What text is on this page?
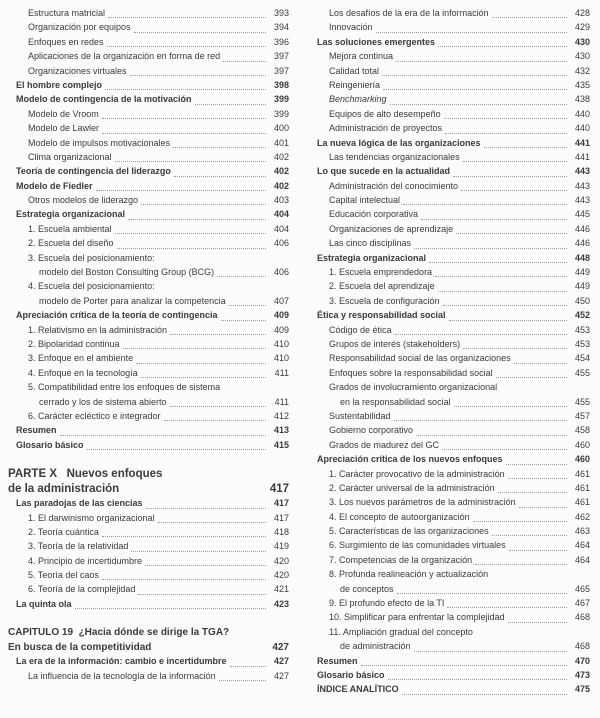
Estructura matricial	393
Organización por equipos	394
Enfoques en redes	396
Aplicaciones de la organización en forma de red	397
Organizaciones virtuales	397
El hombre complejo	398
Modelo de contingencia de la motivación	399
Modelo de Vroom	399
Modelo de Lawler	400
Modelo de impulsos motivacionales	401
Clima organizacional	402
Teoría de contingencia del liderazgo	402
Modelo de Fiedler	402
Otros modelos de liderazgo	403
Estrategia organizacional	404
1. Escuela ambiental	404
2. Escuela del diseño	406
3. Escuela del posicionamiento:
modelo del Boston Consulting Group (BCG)	406
4. Escuela del posicionamiento:
modelo de Porter para analizar la competencia	407
Apreciación crítica de la teoría de contingencia	409
1. Relativismo en la administración	409
2. Bipolaridad continua	410
3. Enfoque en el ambiente	410
4. Enfoque en la tecnología	411
5. Compatibilidad entre los enfoques de sistema
cerrado y los de sistema abierto	411
6. Carácter ecléctico e integrador	412
Resumen	413
Glosario básico	415
PARTE X   Nuevos enfoques
de la administración	417
Las paradojas de las ciencias	417
1. El darwinismo organizacional	417
2. Teoría cuántica	418
3. Teoría de la relatividad	419
4. Principio de incertidumbre	420
5. Teoría del caos	420
6. Teoría de la complejidad	421
La quinta ola	423
CAPÍTULO 19  ¿Hacia dónde se dirige la TGA?
En busca de la competitividad	427
La era de la información: cambio e incertidumbre	427
La influencia de la tecnología de la información	427
Los desafíos de la era de la información	428
Innovación	429
Las soluciones emergentes	430
Mejora continua	430
Calidad total	432
Reingeniería	435
Benchmarking	438
Equipos de alto desempeño	440
Administración de proyectos	440
La nueva lógica de las organizaciones	441
Las tendencias organizacionales	441
Lo que sucede en la actualidad	443
Administración del conocimiento	443
Capital intelectual	443
Educación corporativa	445
Organizaciones de aprendizaje	446
Las cinco disciplinas	446
Estrategia organizacional	448
1. Escuela emprendedora	449
2. Escuela del aprendizaje	449
3. Escuela de configuración	450
Ética y responsabilidad social	452
Código de ética	453
Grupos de interés (stakeholders)	453
Responsabilidad social de las organizaciones	454
Enfoques sobre la responsabilidad social	455
Grados de involucramiento organizacional
en la responsabilidad social	455
Sustentabilidad	457
Gobierno corporativo	458
Grados de madurez del GC	460
Apreciación crítica de los nuevos enfoques	460
1. Carácter provocativo de la administración	461
2. Carácter universal de la administración	461
3. Los nuevos parámetros de la administración	461
4. El concepto de autoorganización	462
5. Características de las organizaciones	463
6. Surgimiento de las comunidades virtuales	464
7. Competencias de la organización	464
8. Profunda realineación y actualización
de conceptos	465
9. El profundo efecto de la TI	467
10. Simplificar para enfrentar la complejidad	468
11. Ampliación gradual del concepto
de administración	468
Resumen	470
Glosario básico	473
ÍNDICE ANALÍTICO	475
